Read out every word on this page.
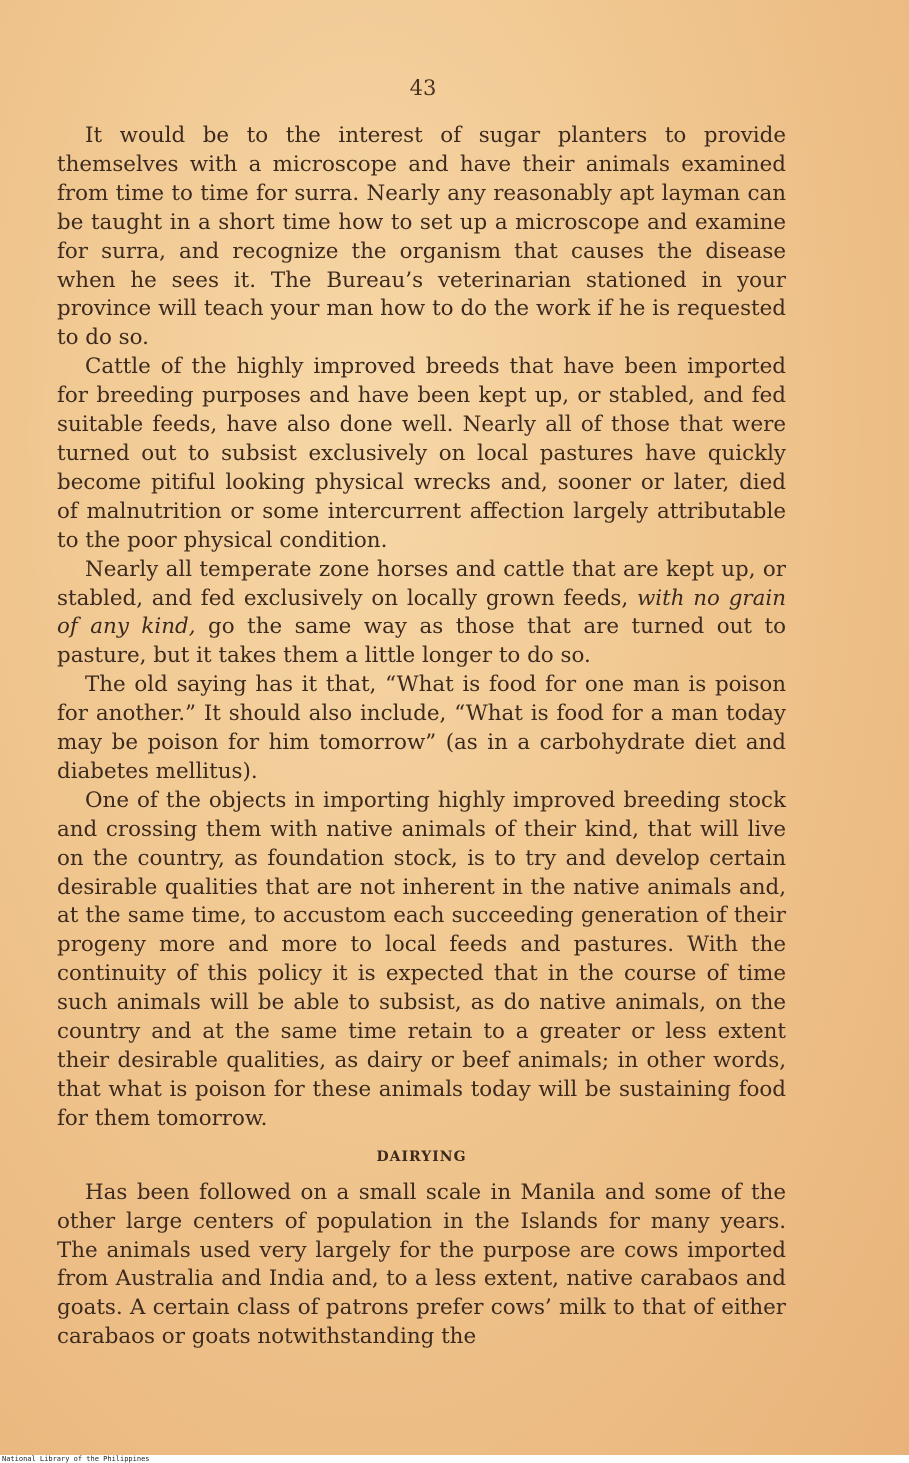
43

It would be to the interest of sugar planters to provide themselves with a microscope and have their animals examined from time to time for surra. Nearly any reasonably apt layman can be taught in a short time how to set up a microscope and examine for surra, and recognize the organism that causes the disease when he sees it. The Bureau’s veterinarian stationed in your province will teach your man how to do the work if he is requested to do so.

Cattle of the highly improved breeds that have been imported for breeding purposes and have been kept up, or stabled, and fed suitable feeds, have also done well. Nearly all of those that were turned out to subsist exclusively on local pastures have quickly become pitiful looking physical wrecks and, sooner or later, died of malnutrition or some intercurrent affection largely attributable to the poor physical condition.

Nearly all temperate zone horses and cattle that are kept up, or stabled, and fed exclusively on locally grown feeds, with no grain of any kind, go the same way as those that are turned out to pasture, but it takes them a little longer to do so.

The old saying has it that, “What is food for one man is poison for another.” It should also include, “What is food for a man today may be poison for him tomorrow” (as in a carbohydrate diet and diabetes mellitus).

One of the objects in importing highly improved breeding stock and crossing them with native animals of their kind, that will live on the country, as foundation stock, is to try and develop certain desirable qualities that are not inherent in the native animals and, at the same time, to accustom each succeeding generation of their progeny more and more to local feeds and pastures. With the continuity of this policy it is expected that in the course of time such animals will be able to subsist, as do native animals, on the country and at the same time retain to a greater or less extent their desirable qualities, as dairy or beef animals; in other words, that what is poison for these animals today will be sustaining food for them tomorrow.

DAIRYING

Has been followed on a small scale in Manila and some of the other large centers of population in the Islands for many years. The animals used very largely for the purpose are cows imported from Australia and India and, to a less extent, native carabaos and goats. A certain class of patrons prefer cows’ milk to that of either carabaos or goats notwithstanding the

National Library of the Philippines
